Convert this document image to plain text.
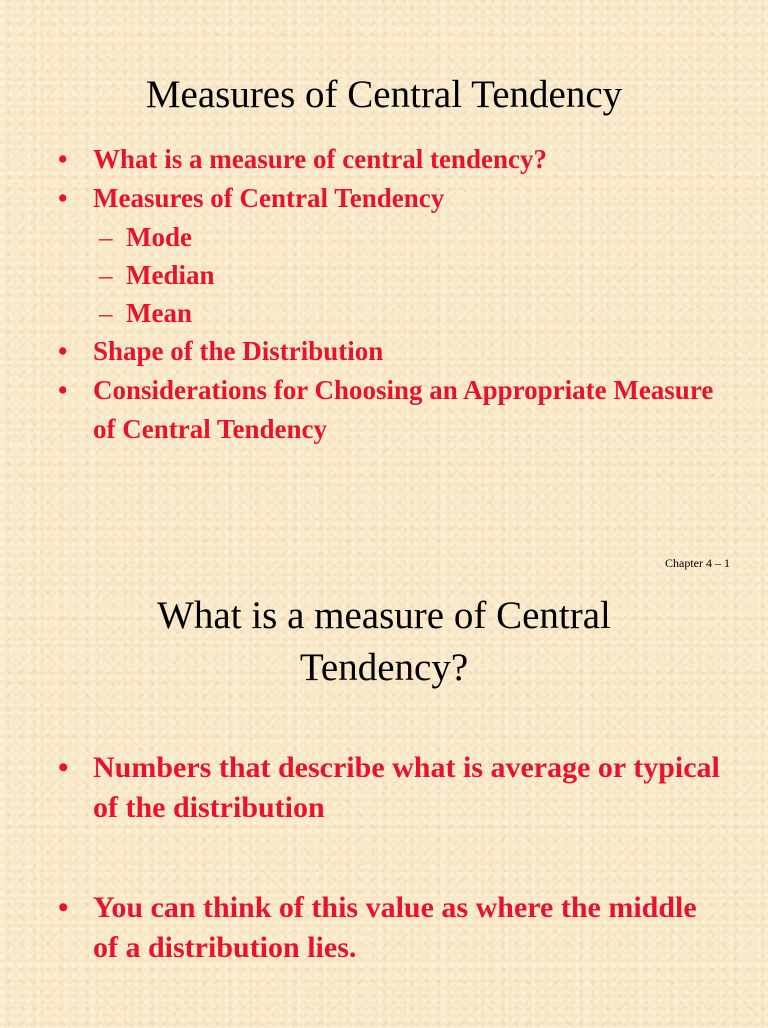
Measures of Central Tendency
• What is a measure of central tendency?
• Measures of Central Tendency
– Mode
– Median
– Mean
• Shape of the Distribution
• Considerations for Choosing an Appropriate Measure of Central Tendency
Chapter 4 – 1
What is a measure of Central Tendency?
• Numbers that describe what is average or typical of the distribution
• You can think of this value as where the middle of a distribution lies.
